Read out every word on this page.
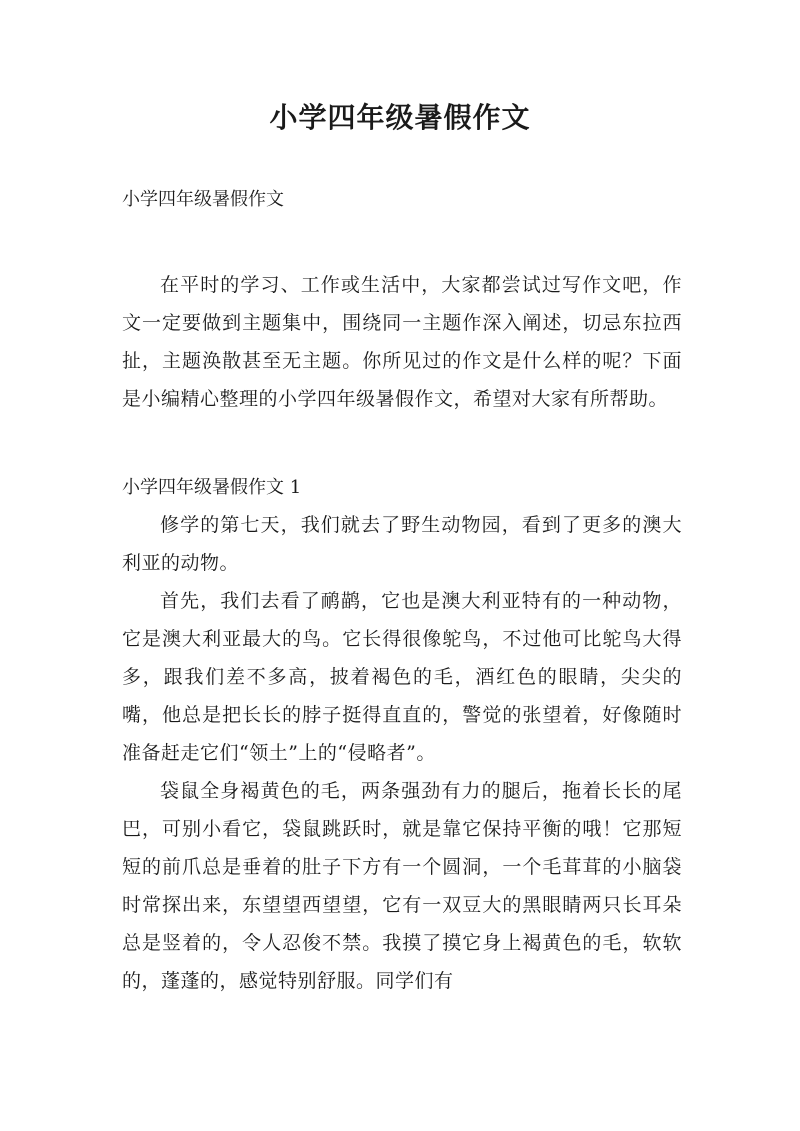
小学四年级暑假作文

小学四年级暑假作文

在平时的学习、工作或生活中，大家都尝试过写作文吧，作文一定要做到主题集中，围绕同一主题作深入阐述，切忌东拉西扯，主题涣散甚至无主题。你所见过的作文是什么样的呢？下面是小编精心整理的小学四年级暑假作文，希望对大家有所帮助。

小学四年级暑假作文 1

修学的第七天，我们就去了野生动物园，看到了更多的澳大利亚的动物。

首先，我们去看了鸸鹋，它也是澳大利亚特有的一种动物，它是澳大利亚最大的鸟。它长得很像鸵鸟，不过他可比鸵鸟大得多，跟我们差不多高，披着褐色的毛，酒红色的眼睛，尖尖的嘴，他总是把长长的脖子挺得直直的，警觉的张望着，好像随时准备赶走它们“领土”上的“侵略者”。

袋鼠全身褐黄色的毛，两条强劲有力的腿后，拖着长长的尾巴，可别小看它，袋鼠跳跃时，就是靠它保持平衡的哦！它那短短的前爪总是垂着的肚子下方有一个圆洞，一个毛茸茸的小脑袋时常探出来，东望望西望望，它有一双豆大的黑眼睛两只长耳朵总是竖着的，令人忍俊不禁。我摸了摸它身上褐黄色的毛，软软的，蓬蓬的，感觉特别舒服。同学们有
